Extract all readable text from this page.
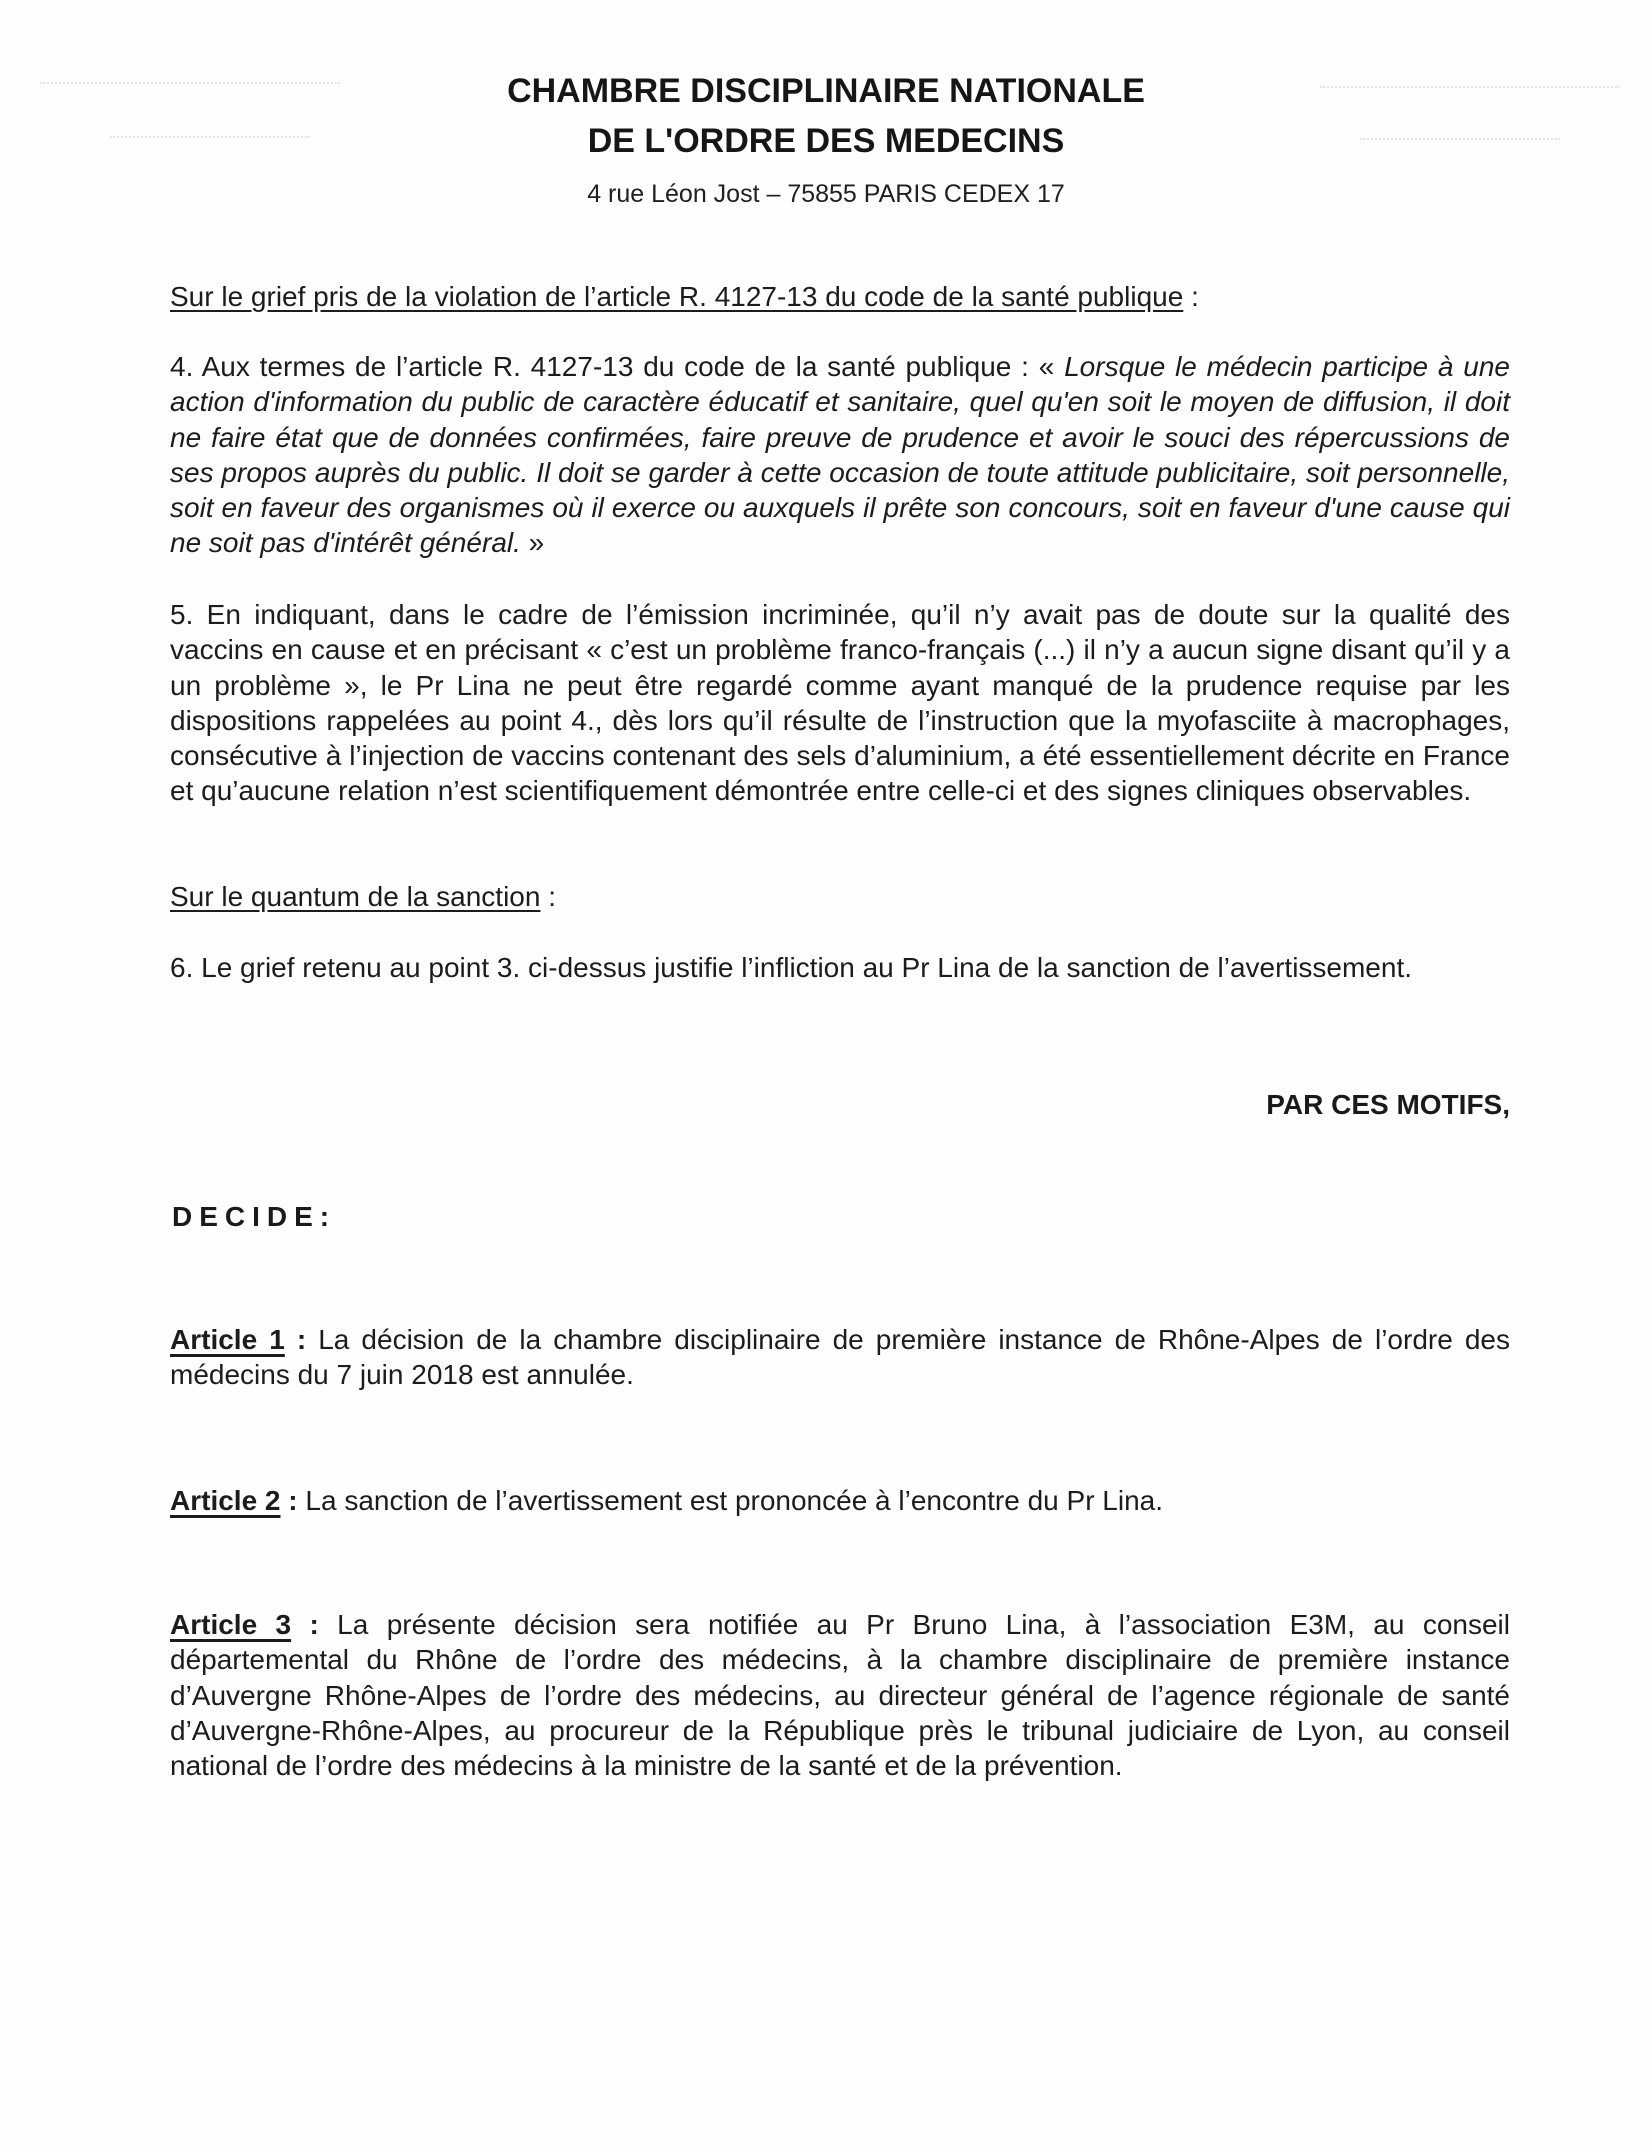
CHAMBRE DISCIPLINAIRE NATIONALE
DE L'ORDRE DES MEDECINS
4 rue Léon Jost – 75855 PARIS CEDEX 17

Sur le grief pris de la violation de l’article R. 4127-13 du code de la santé publique :

4. Aux termes de l’article R. 4127-13 du code de la santé publique : « Lorsque le médecin participe à une action d'information du public de caractère éducatif et sanitaire, quel qu'en soit le moyen de diffusion, il doit ne faire état que de données confirmées, faire preuve de prudence et avoir le souci des répercussions de ses propos auprès du public. Il doit se garder à cette occasion de toute attitude publicitaire, soit personnelle, soit en faveur des organismes où il exerce ou auxquels il prête son concours, soit en faveur d'une cause qui ne soit pas d'intérêt général. »

5. En indiquant, dans le cadre de l’émission incriminée, qu’il n’y avait pas de doute sur la qualité des vaccins en cause et en précisant « c’est un problème franco-français (...) il n’y a aucun signe disant qu’il y a un problème », le Pr Lina ne peut être regardé comme ayant manqué de la prudence requise par les dispositions rappelées au point 4., dès lors qu’il résulte de l’instruction que la myofasciite à macrophages, consécutive à l’injection de vaccins contenant des sels d’aluminium, a été essentiellement décrite en France et qu’aucune relation n’est scientifiquement démontrée entre celle-ci et des signes cliniques observables.

Sur le quantum de la sanction :

6. Le grief retenu au point 3. ci-dessus justifie l’infliction au Pr Lina de la sanction de l’avertissement.

PAR CES MOTIFS,
DECIDE:

Article 1 : La décision de la chambre disciplinaire de première instance de Rhône-Alpes de l’ordre des médecins du 7 juin 2018 est annulée.

Article 2 : La sanction de l’avertissement est prononcée à l’encontre du Pr Lina.

Article 3 : La présente décision sera notifiée au Pr Bruno Lina, à l’association E3M, au conseil départemental du Rhône de l’ordre des médecins, à la chambre disciplinaire de première instance d’Auvergne Rhône-Alpes de l’ordre des médecins, au directeur général de l’agence régionale de santé d’Auvergne-Rhône-Alpes, au procureur de la République près le tribunal judiciaire de Lyon, au conseil national de l’ordre des médecins à la ministre de la santé et de la prévention.
